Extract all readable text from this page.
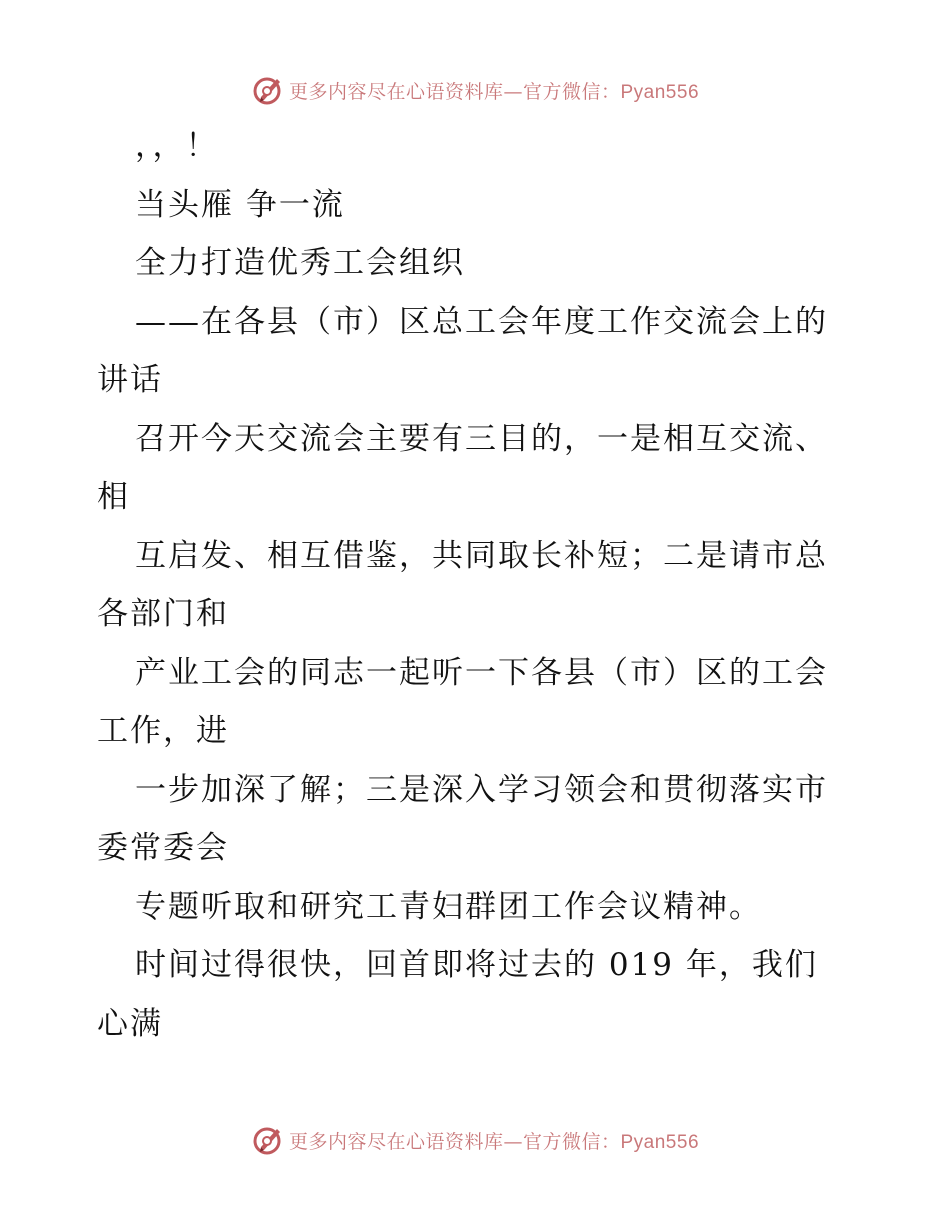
更多内容尽在心语资料库—官方微信：Pyan556
，，！
当头雁 争一流
全力打造优秀工会组织
——在各县（市）区总工会年度工作交流会上的
讲话
召开今天交流会主要有三目的，一是相互交流、
相
互启发、相互借鉴，共同取长补短；二是请市总
各部门和
产业工会的同志一起听一下各县（市）区的工会
工作，进
一步加深了解；三是深入学习领会和贯彻落实市
委常委会
专题听取和研究工青妇群团工作会议精神。
时间过得很快，回首即将过去的 019 年，我们
心满
更多内容尽在心语资料库—官方微信：Pyan556
